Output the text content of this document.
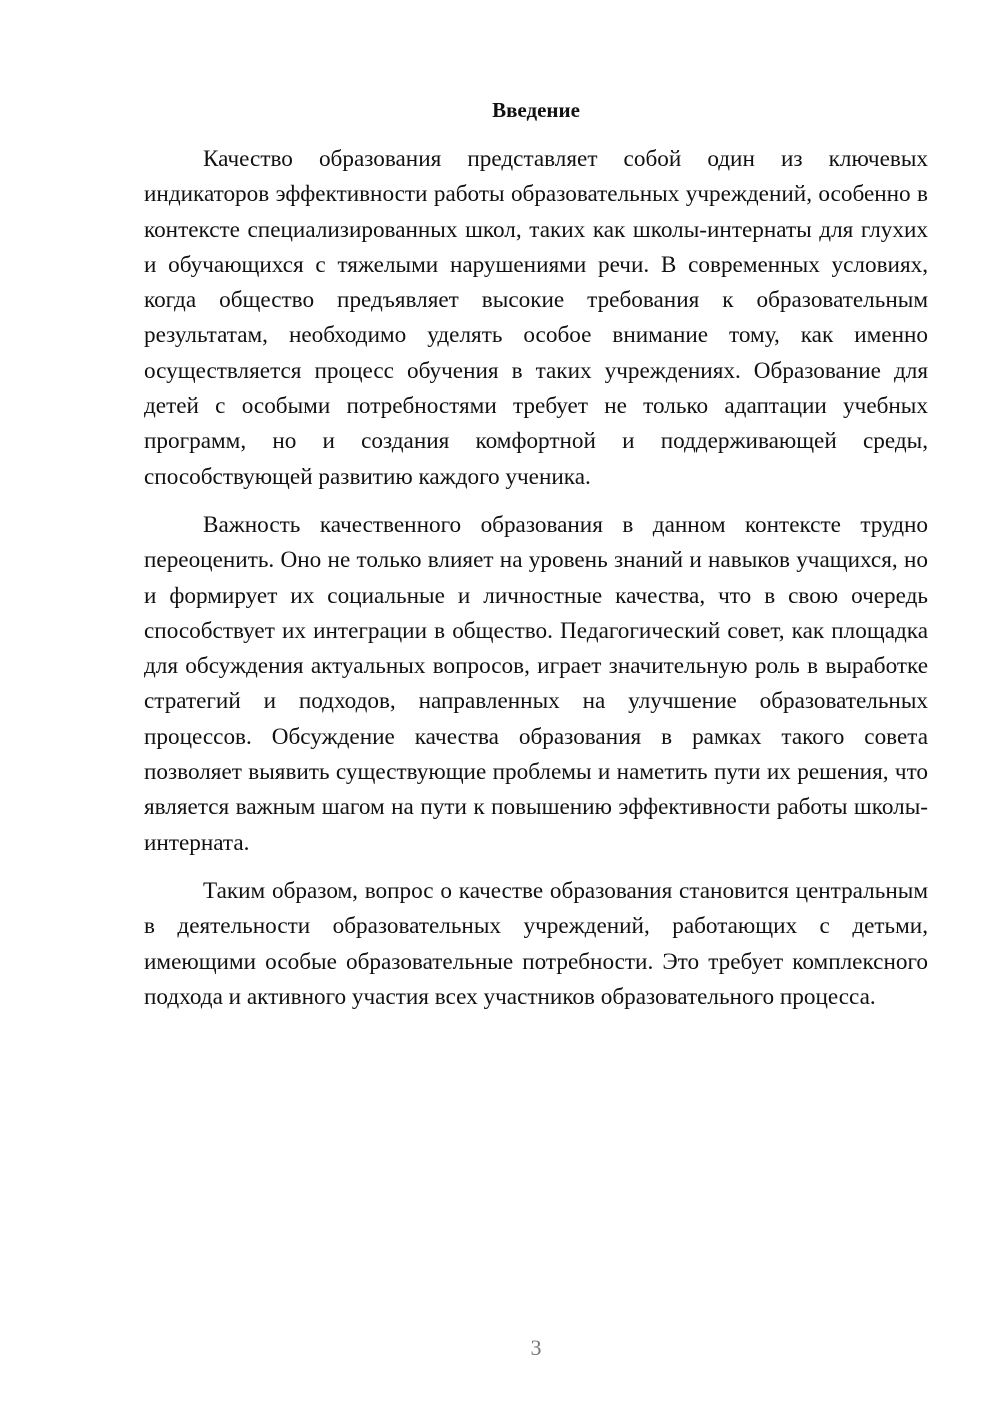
Введение

Качество образования представляет собой один из ключевых индикаторов эффективности работы образовательных учреждений, особенно в контексте специализированных школ, таких как школы-интернаты для глухих и обучающихся с тяжелыми нарушениями речи. В современных условиях, когда общество предъявляет высокие требования к образовательным результатам, необходимо уделять особое внимание тому, как именно осуществляется процесс обучения в таких учреждениях. Образование для детей с особыми потребностями требует не только адаптации учебных программ, но и создания комфортной и поддерживающей среды, способствующей развитию каждого ученика.

Важность качественного образования в данном контексте трудно переоценить. Оно не только влияет на уровень знаний и навыков учащихся, но и формирует их социальные и личностные качества, что в свою очередь способствует их интеграции в общество. Педагогический совет, как площадка для обсуждения актуальных вопросов, играет значительную роль в выработке стратегий и подходов, направленных на улучшение образовательных процессов. Обсуждение качества образования в рамках такого совета позволяет выявить существующие проблемы и наметить пути их решения, что является важным шагом на пути к повышению эффективности работы школы-интерната.

Таким образом, вопрос о качестве образования становится центральным в деятельности образовательных учреждений, работающих с детьми, имеющими особые образовательные потребности. Это требует комплексного подхода и активного участия всех участников образовательного процесса.

3
